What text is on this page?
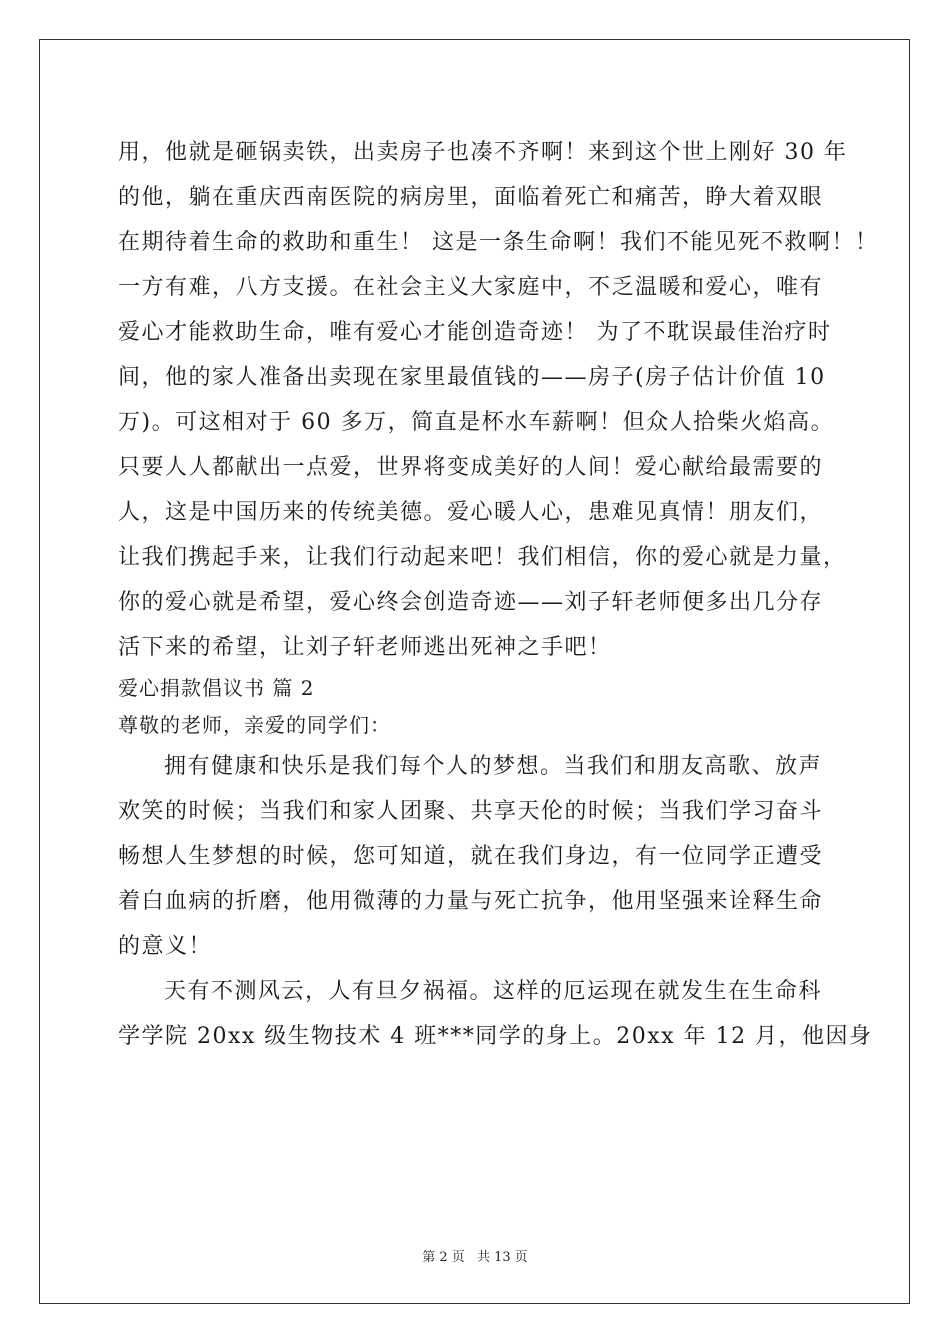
用，他就是砸锅卖铁，出卖房子也凑不齐啊！来到这个世上刚好 30 年
的他，躺在重庆西南医院的病房里，面临着死亡和痛苦，睁大着双眼
在期待着生命的救助和重生！ 这是一条生命啊！我们不能见死不救啊！！
一方有难，八方支援。在社会主义大家庭中，不乏温暖和爱心，唯有
爱心才能救助生命，唯有爱心才能创造奇迹！ 为了不耽误最佳治疗时
间，他的家人准备出卖现在家里最值钱的——房子(房子估计价值 10
万)。可这相对于 60 多万，简直是杯水车薪啊！但众人拾柴火焰高。
只要人人都献出一点爱，世界将变成美好的人间！爱心献给最需要的
人，这是中国历来的传统美德。爱心暖人心，患难见真情！朋友们，
让我们携起手来，让我们行动起来吧！我们相信，你的爱心就是力量，
你的爱心就是希望，爱心终会创造奇迹——刘子轩老师便多出几分存
活下来的希望，让刘子轩老师逃出死神之手吧！
爱心捐款倡议书 篇 2
尊敬的老师，亲爱的同学们：
拥有健康和快乐是我们每个人的梦想。当我们和朋友高歌、放声
欢笑的时候；当我们和家人团聚、共享天伦的时候；当我们学习奋斗
畅想人生梦想的时候，您可知道，就在我们身边，有一位同学正遭受
着白血病的折磨，他用微薄的力量与死亡抗争，他用坚强来诠释生命
的意义！
天有不测风云，人有旦夕祸福。这样的厄运现在就发生在生命科
学学院 20xx 级生物技术 4 班***同学的身上。20xx 年 12 月，他因身
第 2 页 共 13 页
